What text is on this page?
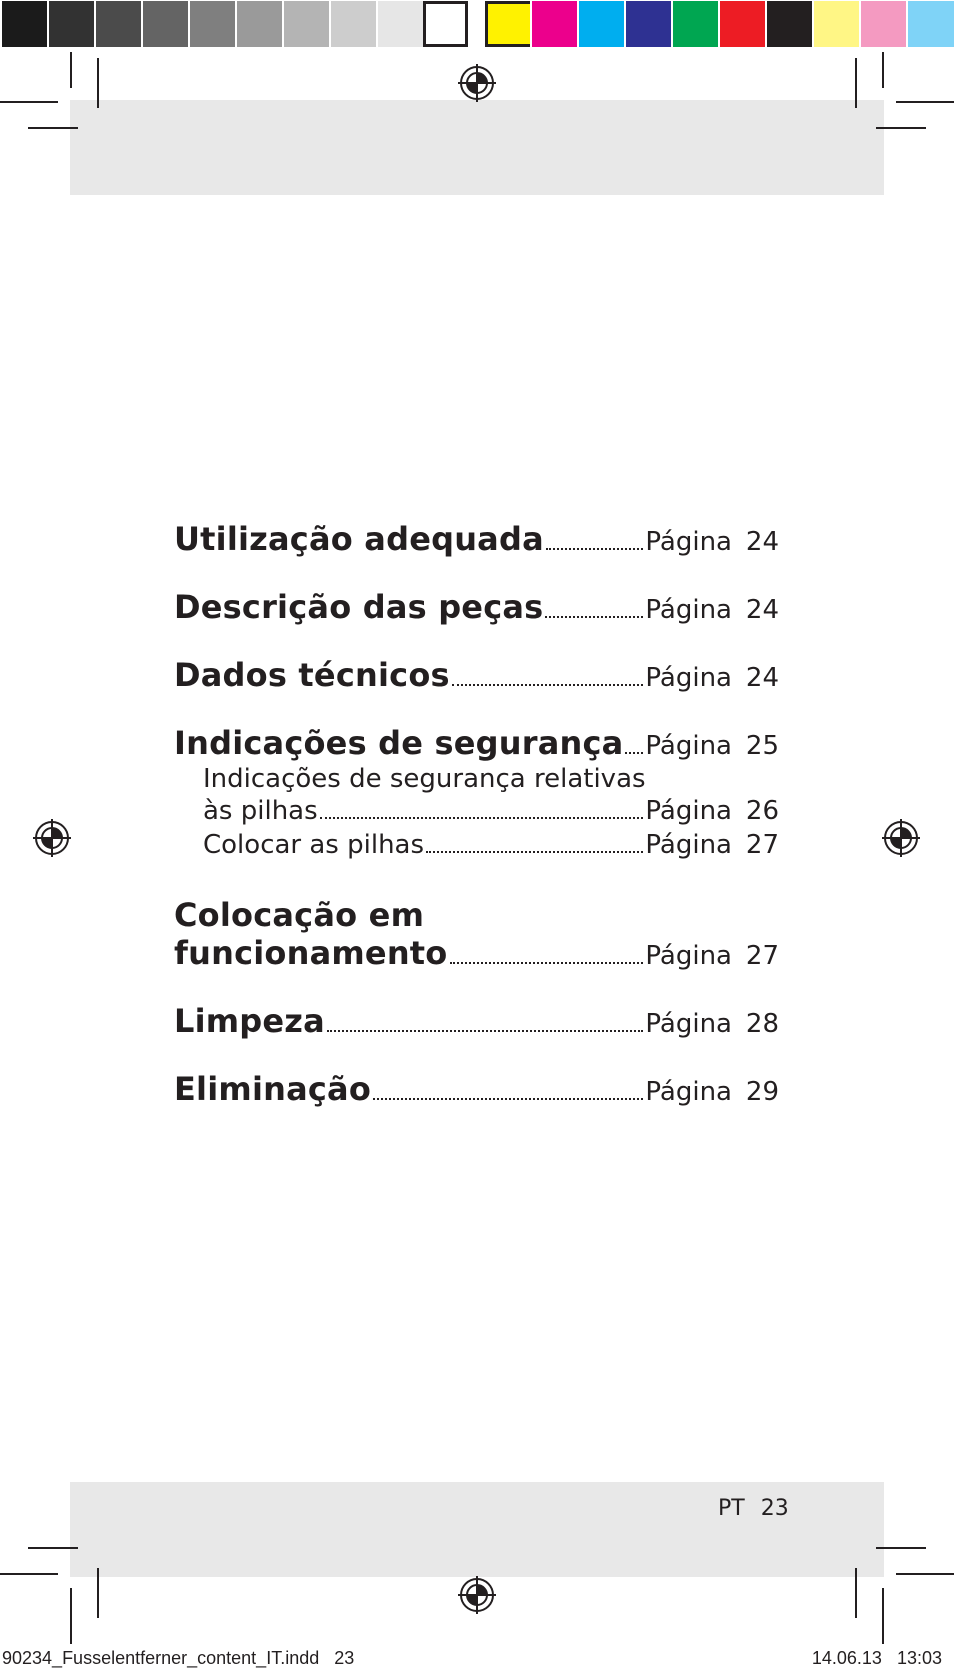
Utilização adequada	Página 24
Descrição das peças	Página 24
Dados técnicos	Página 24
Indicações de segurança Página 25
Indicações de segurança relativas
às pilhas	Página 26
Colocar as pilhas	Página 27
Colocação em
funcionamento	Página 27
Limpeza	Página 28
Eliminação	Página 29
PT 23
90234_Fusselentferner_content_IT.indd   23	14.06.13   13:03
